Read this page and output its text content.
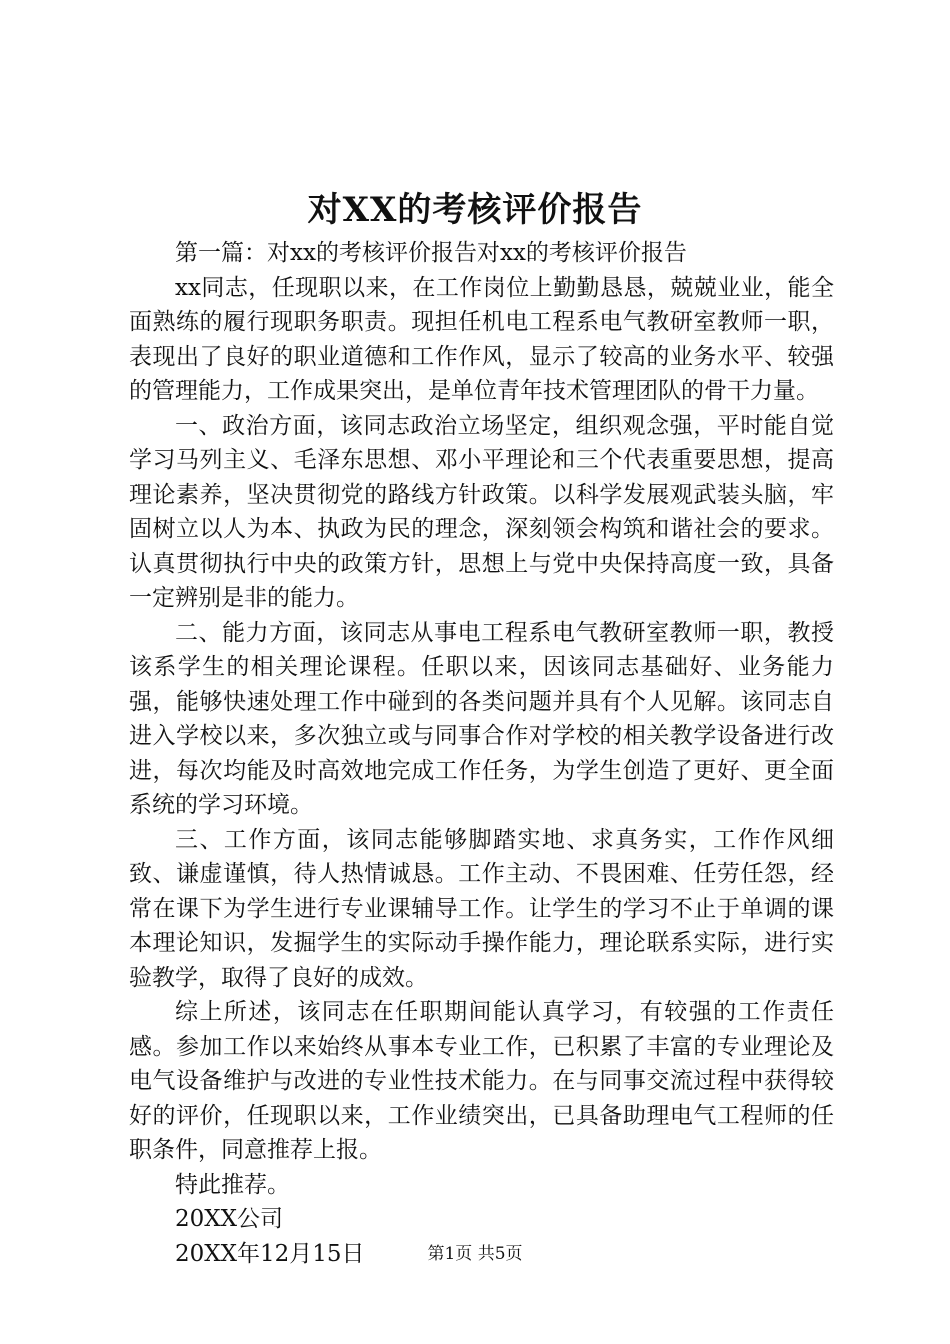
对XX的考核评价报告

第一篇：对xx的考核评价报告对xx的考核评价报告

xx同志，任现职以来，在工作岗位上勤勤恳恳，兢兢业业，能全面熟练的履行现职务职责。现担任机电工程系电气教研室教师一职，表现出了良好的职业道德和工作作风，显示了较高的业务水平、较强的管理能力，工作成果突出，是单位青年技术管理团队的骨干力量。

一、政治方面，该同志政治立场坚定，组织观念强，平时能自觉学习马列主义、毛泽东思想、邓小平理论和三个代表重要思想，提高理论素养，坚决贯彻党的路线方针政策。以科学发展观武装头脑，牢固树立以人为本、执政为民的理念，深刻领会构筑和谐社会的要求。认真贯彻执行中央的政策方针，思想上与党中央保持高度一致，具备一定辨别是非的能力。

二、能力方面，该同志从事电工程系电气教研室教师一职，教授该系学生的相关理论课程。任职以来，因该同志基础好、业务能力强，能够快速处理工作中碰到的各类问题并具有个人见解。该同志自进入学校以来，多次独立或与同事合作对学校的相关教学设备进行改进，每次均能及时高效地完成工作任务，为学生创造了更好、更全面系统的学习环境。

三、工作方面，该同志能够脚踏实地、求真务实，工作作风细致、谦虚谨慎，待人热情诚恳。工作主动、不畏困难、任劳任怨，经常在课下为学生进行专业课辅导工作。让学生的学习不止于单调的课本理论知识，发掘学生的实际动手操作能力，理论联系实际，进行实验教学，取得了良好的成效。

综上所述，该同志在任职期间能认真学习，有较强的工作责任感。参加工作以来始终从事本专业工作，已积累了丰富的专业理论及电气设备维护与改进的专业性技术能力。在与同事交流过程中获得较好的评价，任现职以来，工作业绩突出，已具备助理电气工程师的任职条件，同意推荐上报。

特此推荐。

20XX公司

20XX年12月15日	第1页 共5页
